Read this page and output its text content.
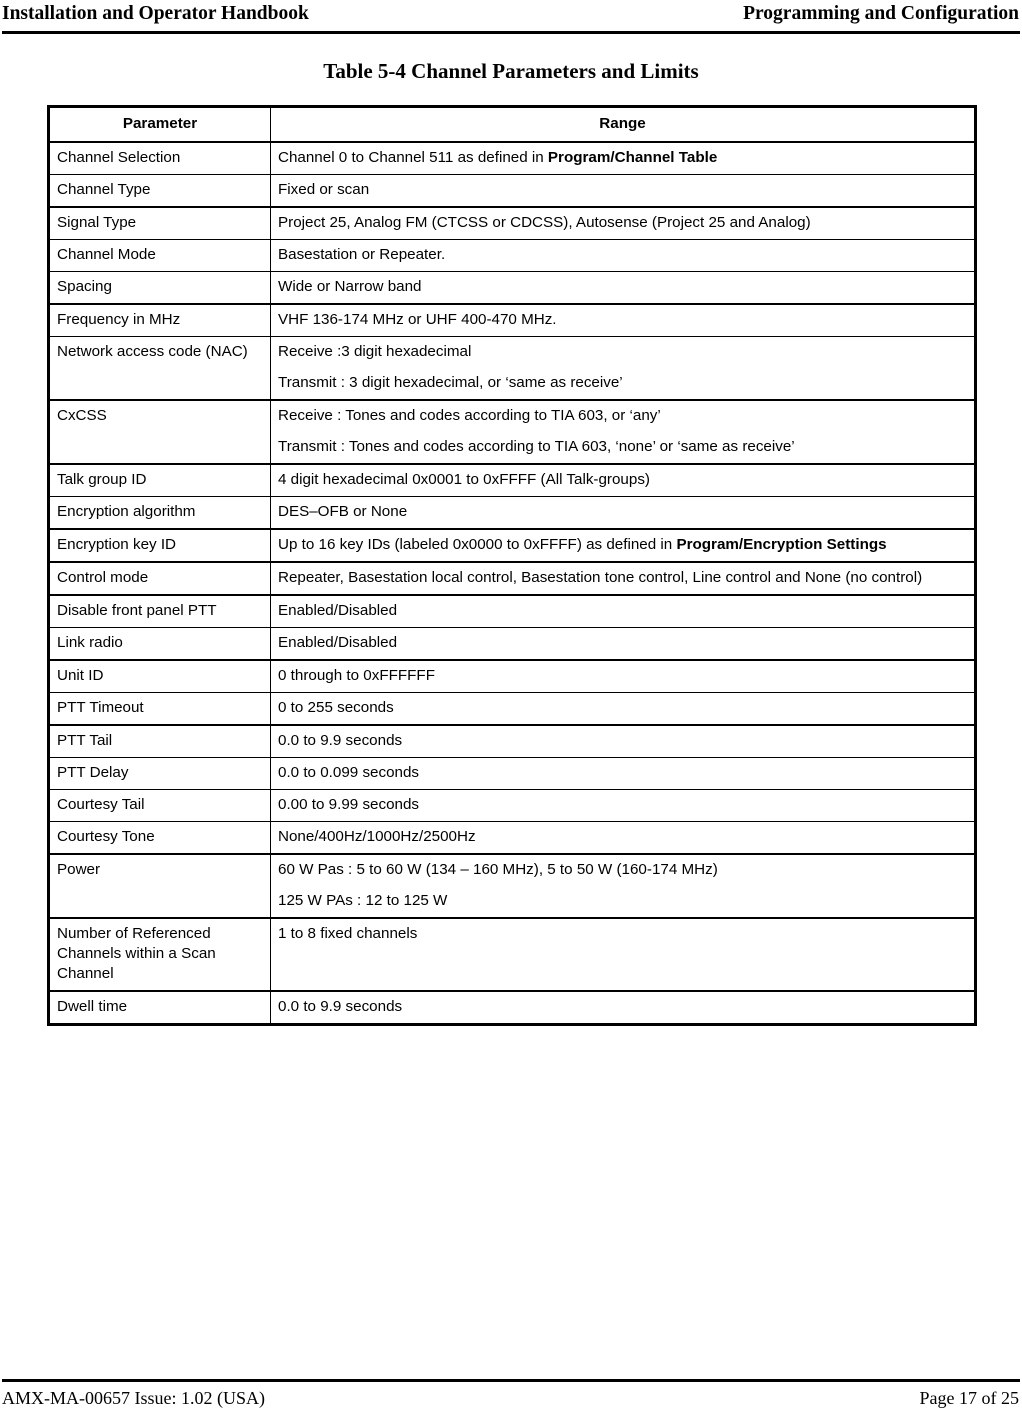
Installation and Operator Handbook	Programming and Configuration
Table 5-4 Channel Parameters and Limits
Parameter	Range
Channel Selection	Channel 0 to Channel 511 as defined in Program/Channel Table
Channel Type	Fixed or scan
Signal Type	Project 25, Analog FM (CTCSS or CDCSS), Autosense (Project 25 and Analog)
Channel Mode	Basestation or Repeater.
Spacing	Wide or Narrow band
Frequency in MHz	VHF 136-174 MHz or UHF 400-470 MHz.
Network access code (NAC)	Receive :3 digit hexadecimal
Transmit : 3 digit hexadecimal, or ‘same as receive’

CxCSS	Receive : Tones and codes according to TIA 603, or ‘any’
Transmit : Tones and codes according to TIA 603, ‘none’ or ‘same as receive’

Talk group ID	4 digit hexadecimal 0x0001 to 0xFFFF (All Talk-groups)
Encryption algorithm	DES–OFB or None
Encryption key ID	Up to 16 key IDs (labeled 0x0000 to 0xFFFF) as defined in Program/Encryption Settings
Control mode	Repeater, Basestation local control, Basestation tone control, Line control and None (no control)
Disable front panel PTT	Enabled/Disabled
Link radio	Enabled/Disabled
Unit ID	0 through to 0xFFFFFF
PTT Timeout	0 to 255 seconds
PTT Tail	0.0 to 9.9 seconds
PTT Delay	0.0 to 0.099 seconds
Courtesy Tail	0.00 to 9.99 seconds
Courtesy Tone	None/400Hz/1000Hz/2500Hz
Power	60 W Pas : 5 to 60 W (134 – 160 MHz), 5 to 50 W (160-174 MHz)
125 W PAs : 12 to 125 W

Number of Referenced Channels within a Scan Channel	1 to 8 fixed channels
Dwell time	0.0 to 9.9 seconds
AMX-MA-00657 Issue: 1.02 (USA)	Page 17 of 25
